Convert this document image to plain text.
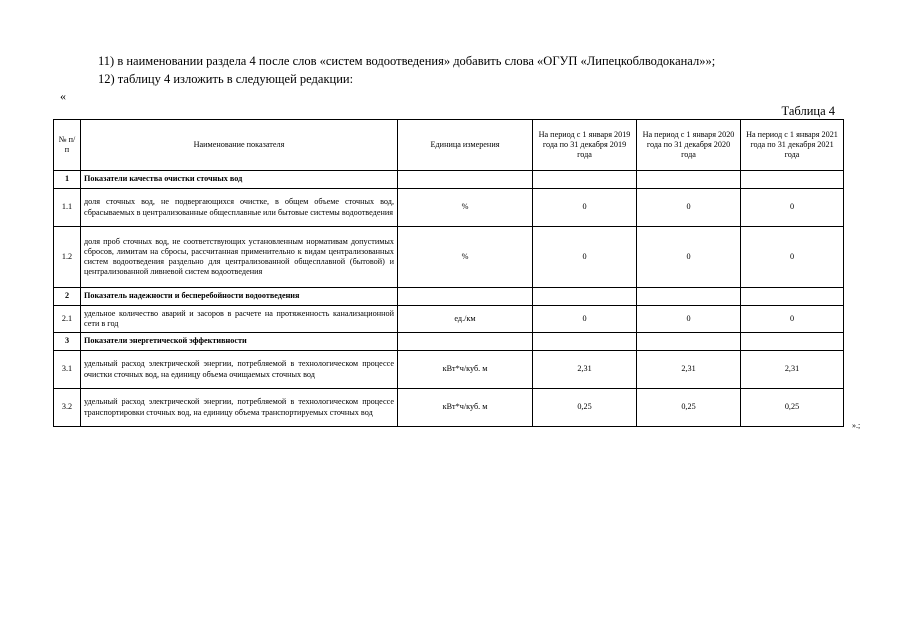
11) в наименовании раздела 4 после слов «систем водоотведения» добавить слова «ОГУП «Липецкоблводоканал»»;
12) таблицу 4 изложить в следующей редакции:
«
Таблица 4
№ п/п	Наименование показателя	Единица измерения	На период с 1 января 2019 года по 31 декабря 2019 года	На период с 1 января 2020 года по 31 декабря 2020 года	На период с 1 января 2021 года по 31 декабря 2021 года
1	Показатели качества очистки сточных вод				
1.1	доля сточных вод, не подвергающихся очистке, в общем объеме сточных вод, сбрасываемых в централизованные общесплавные или бытовые системы водоотведения	%	0	0	0
1.2	доля проб сточных вод, не соответствующих установленным нормативам допустимых сбросов, лимитам на сбросы, рассчитанная применительно к видам централизованных систем водоотведения раздельно для централизованной общесплавной (бытовой) и централизованной ливневой систем водоотведения	%	0	0	0
2	Показатель надежности и бесперебойности водоотведения				
2.1	удельное количество аварий и засоров в расчете на протяженность канализационной сети в год	ед./км	0	0	0
3	Показатели энергетической эффективности				
3.1	удельный расход электрической энергии, потребляемой в технологическом процессе очистки сточных вод, на единицу объема очищаемых сточных вод	кВт*ч/куб. м	2,31	2,31	2,31
3.2	удельный расход электрической энергии, потребляемой в технологическом процессе транспортировки сточных вод, на единицу объема транспортируемых сточных вод	кВт*ч/куб. м	0,25	0,25	0,25
».;
